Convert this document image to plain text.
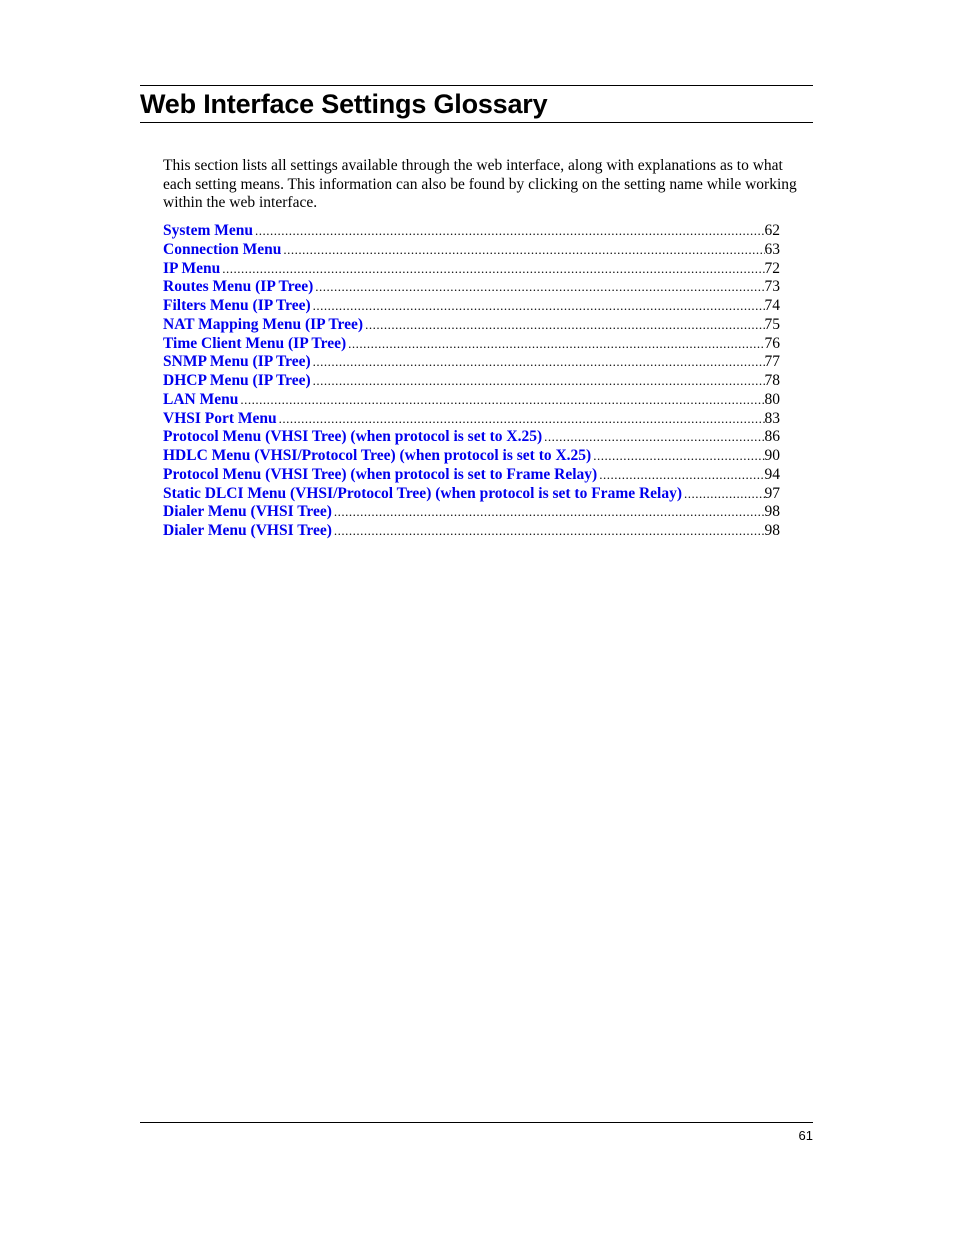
Web Interface Settings Glossary

This section lists all settings available through the web interface, along with explanations as to what each setting means. This information can also be found by clicking on the setting name while working within the web interface.

System Menu .....	62
Connection Menu .....	63
IP Menu .....	72
Routes Menu (IP Tree) .....	73
Filters Menu (IP Tree) .....	74
NAT Mapping Menu (IP Tree) .....	75
Time Client Menu (IP Tree) .....	76
SNMP Menu (IP Tree) .....	77
DHCP Menu (IP Tree) .....	78
LAN Menu .....	80
VHSI Port Menu .....	83
Protocol Menu (VHSI Tree) (when protocol is set to X.25) .....	86
HDLC Menu (VHSI/Protocol Tree) (when protocol is set to X.25) .....	90
Protocol Menu (VHSI Tree) (when protocol is set to Frame Relay) .....	94
Static DLCI Menu (VHSI/Protocol Tree) (when protocol is set to Frame Relay) .....	97
Dialer Menu (VHSI Tree) .....	98
Dialer Menu (VHSI Tree) .....	98
61
